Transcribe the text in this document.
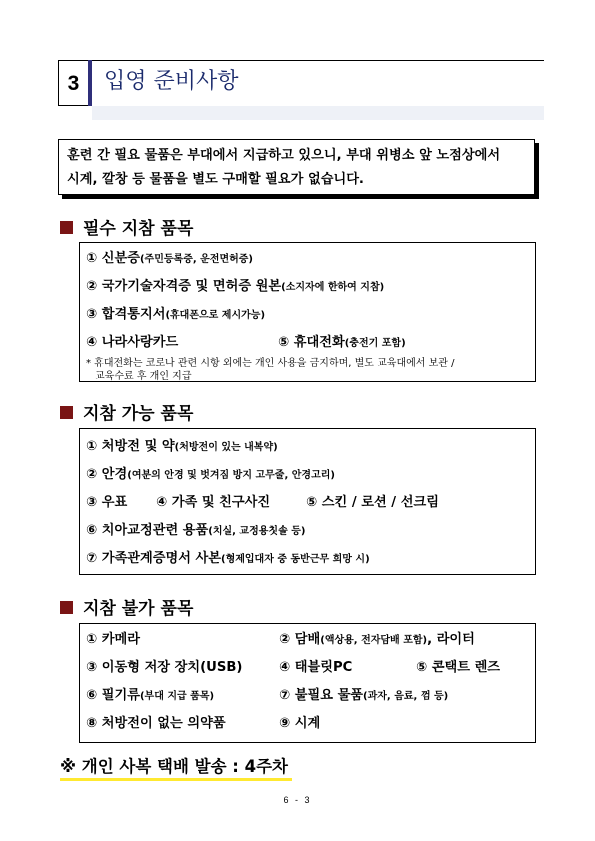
3	입영 준비사항
훈련 간 필요 물품은 부대에서 지급하고 있으니, 부대 위병소 앞 노점상에서
시계, 깔창 등 물품을 별도 구매할 필요가 없습니다.
필수 지참 품목
① 신분증(주민등록증, 운전면허증)
② 국가기술자격증 및 면허증 원본(소지자에 한하여 지참)
③ 합격통지서(휴대폰으로 제시가능)
④ 나라사랑카드	⑤ 휴대전화(충전기 포함)
* 휴대전화는 코로나 관련 시항 외에는 개인 사용을 금지하며, 별도 교육대에서 보관 /
교육수료 후 개인 지급
지참 가능 품목
① 처방전 및 약(처방전이 있는 내복약)
② 안경(여분의 안경 및 벗겨짐 방지 고무줄, 안경고리)
③ 우표 ④ 가족 및 친구사진	⑤ 스킨 / 로션 / 선크림
⑥ 치아교정관련 용품(치실, 교정용칫솔 등)
⑦ 가족관계증명서 사본(형제입대자 중 동반근무 희망 시)
지참 불가 품목
① 카메라	② 담배(액상용, 전자담배 포함), 라이터
③ 이동형 저장 장치(USB)	④ 태블릿PC	⑤ 콘택트 렌즈
⑥ 필기류(부대 지급 품목)	⑦ 불필요 물품(과자, 음료, 껌 등)
⑧ 처방전이 없는 의약품	⑨ 시계
※ 개인 사복 택배 발송 : 4주차
6 - 3
